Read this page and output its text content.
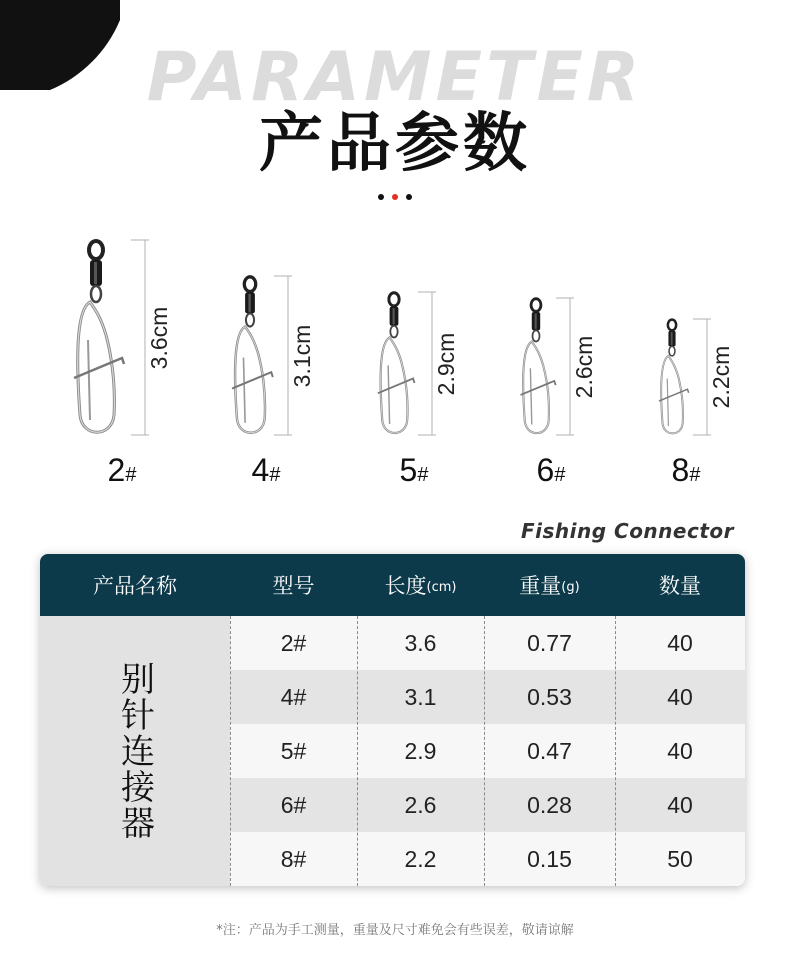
PARAMETER
产品参数
3.6cm
2#
3.1cm
4#
2.9cm
5#
2.6cm
6#
2.2cm
8#
Fishing Connector
产品名称	型号	长度 (cm)	重量 (g)	数量
别针连接器
2#	3.6	0.77	40
4#	3.1	0.53	40
5#	2.9	0.47	40
6#	2.6	0.28	40
8#	2.2	0.15	50
*注：产品为手工测量，重量及尺寸难免会有些误差，敬请谅解
